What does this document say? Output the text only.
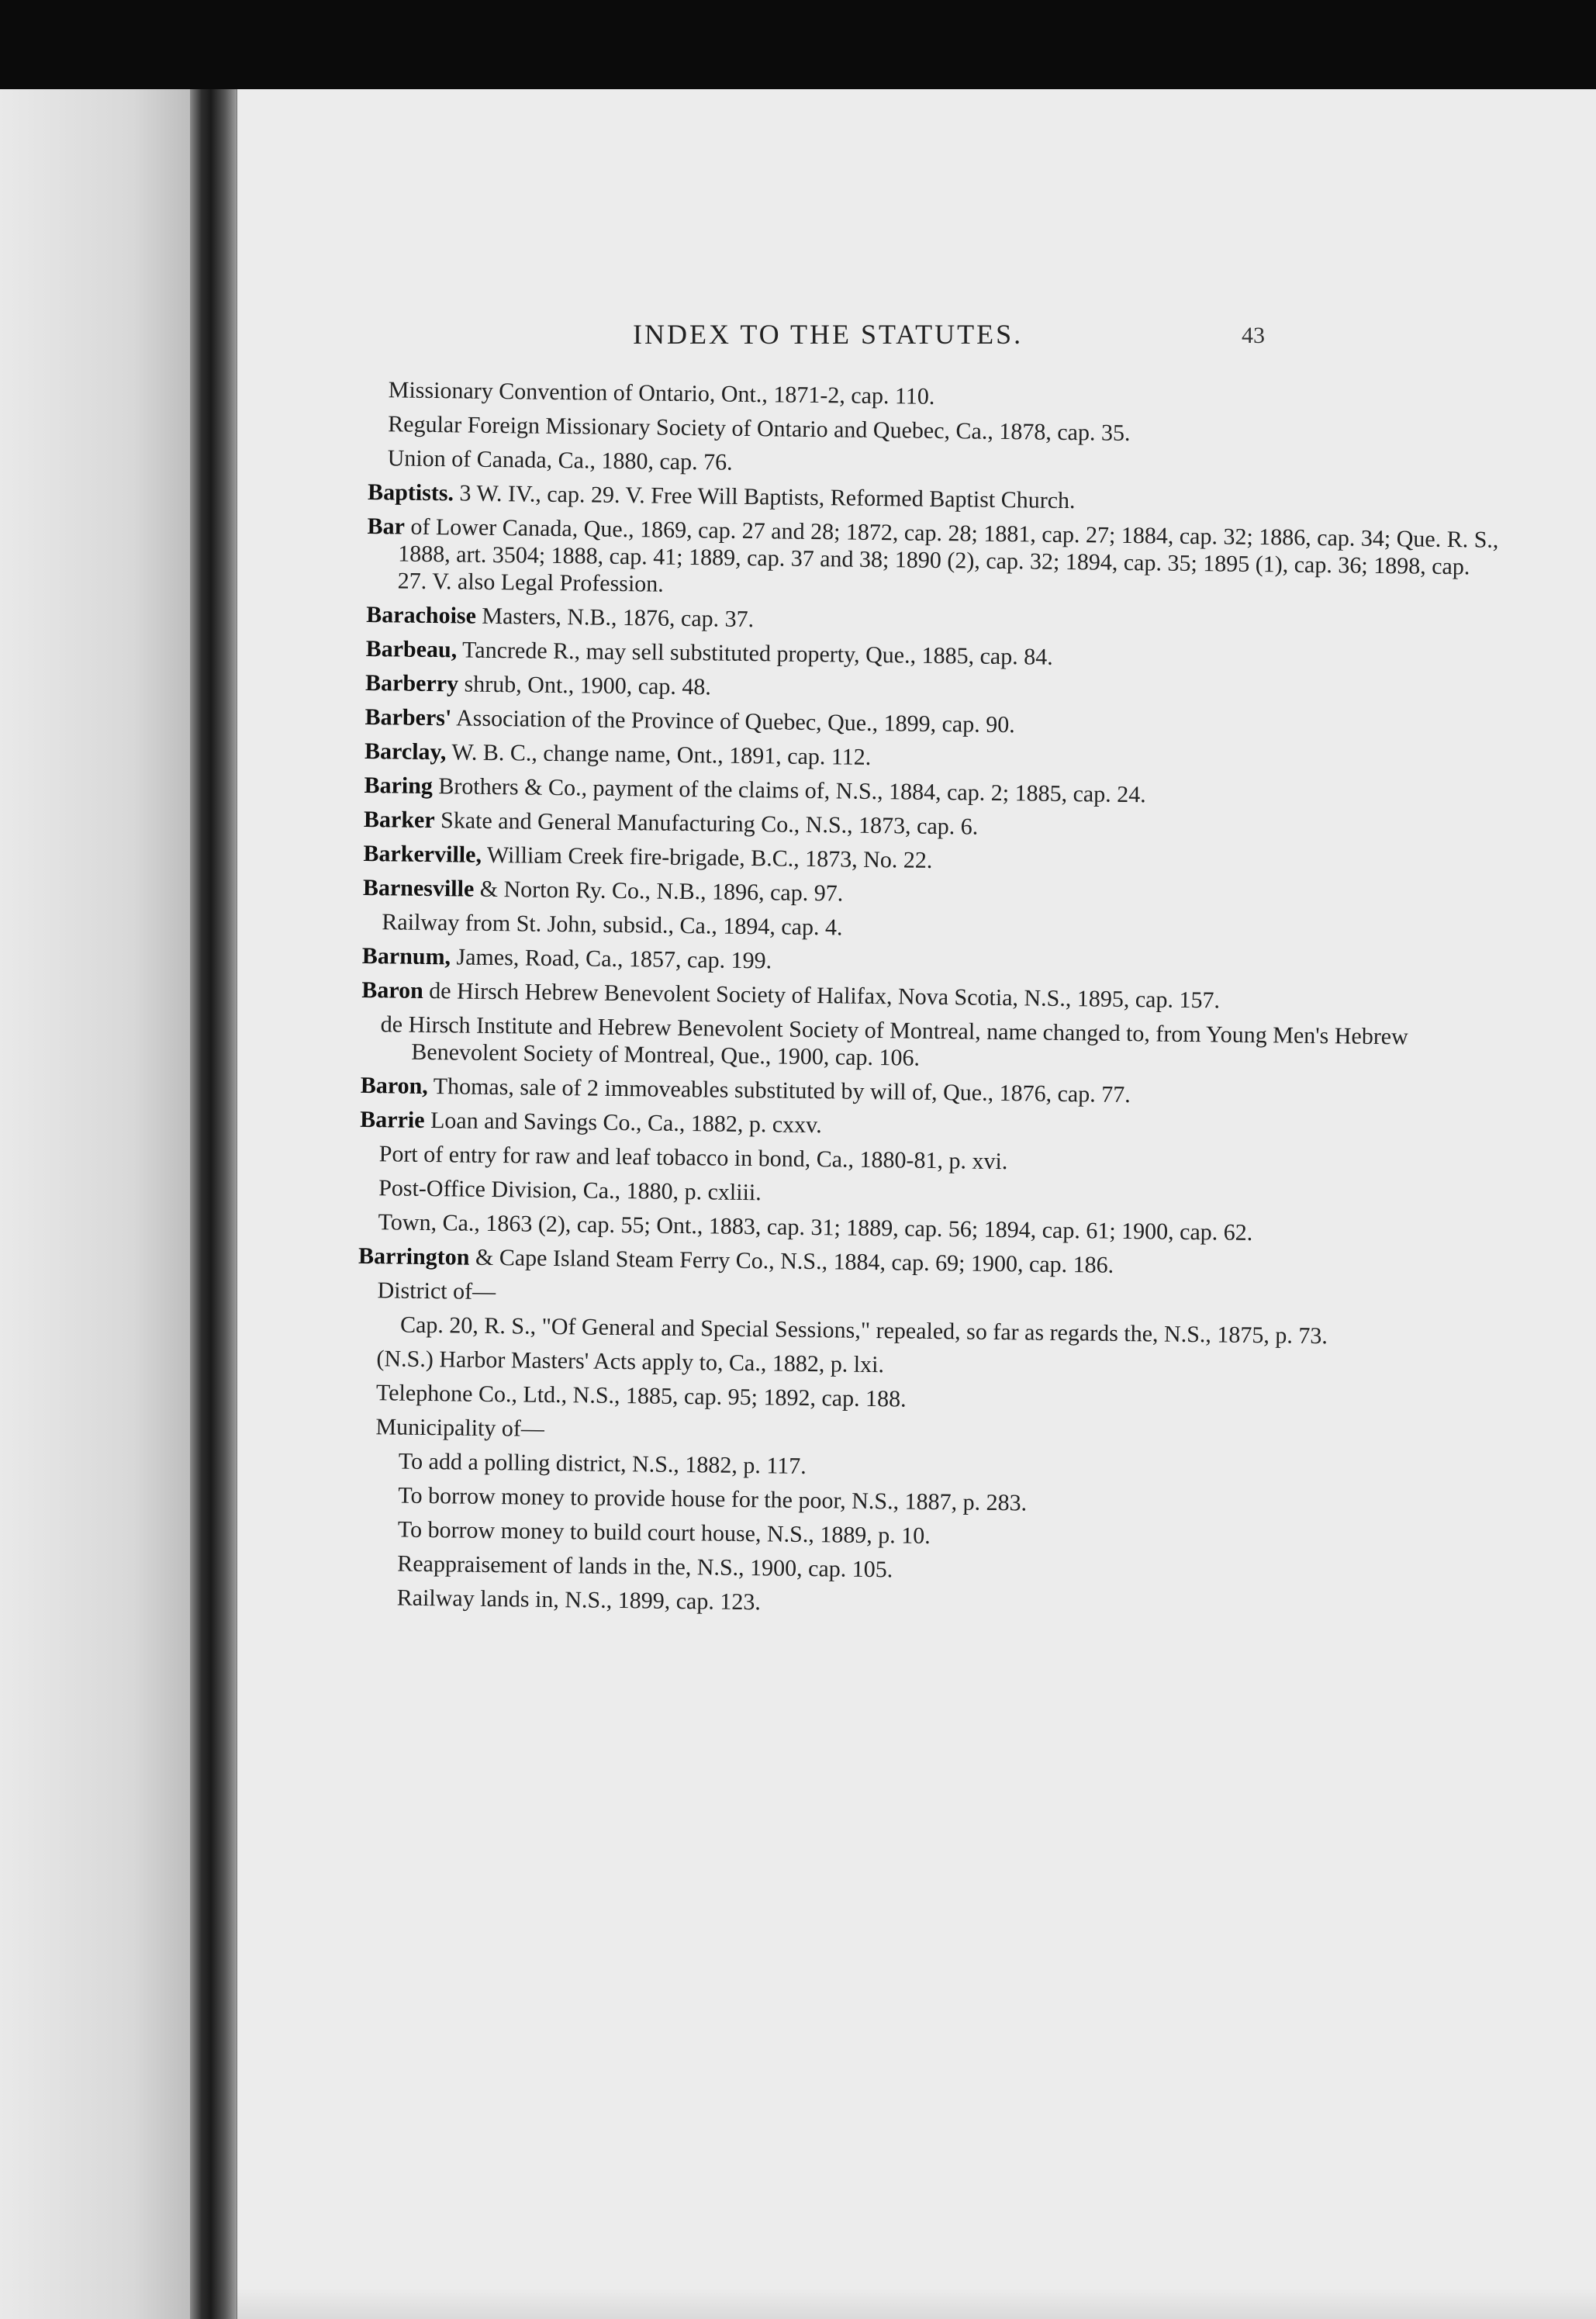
INDEX TO THE STATUTES.	43

Missionary Convention of Ontario, Ont., 1871-2, cap. 110.

Regular Foreign Missionary Society of Ontario and Quebec, Ca., 1878, cap. 35.

Union of Canada, Ca., 1880, cap. 76.

Baptists. 3 W. IV., cap. 29. V. Free Will Baptists, Reformed Baptist Church.

Bar of Lower Canada, Que., 1869, cap. 27 and 28; 1872, cap. 28; 1881, cap. 27; 1884, cap. 32; 1886, cap. 34; Que. R. S., 1888, art. 3504; 1888, cap. 41; 1889, cap. 37 and 38; 1890 (2), cap. 32; 1894, cap. 35; 1895 (1), cap. 36; 1898, cap. 27. V. also Legal Profession.

Barachoise Masters, N.B., 1876, cap. 37.

Barbeau, Tancrede R., may sell substituted property, Que., 1885, cap. 84.

Barberry shrub, Ont., 1900, cap. 48.

Barbers' Association of the Province of Quebec, Que., 1899, cap. 90.

Barclay, W. B. C., change name, Ont., 1891, cap. 112.

Baring Brothers & Co., payment of the claims of, N.S., 1884, cap. 2; 1885, cap. 24.

Barker Skate and General Manufacturing Co., N.S., 1873, cap. 6.

Barkerville, William Creek fire-brigade, B.C., 1873, No. 22.

Barnesville & Norton Ry. Co., N.B., 1896, cap. 97.

Railway from St. John, subsid., Ca., 1894, cap. 4.

Barnum, James, Road, Ca., 1857, cap. 199.

Baron de Hirsch Hebrew Benevolent Society of Halifax, Nova Scotia, N.S., 1895, cap. 157.

de Hirsch Institute and Hebrew Benevolent Society of Montreal, name changed to, from Young Men's Hebrew Benevolent Society of Montreal, Que., 1900, cap. 106.

Baron, Thomas, sale of 2 immoveables substituted by will of, Que., 1876, cap. 77.

Barrie Loan and Savings Co., Ca., 1882, p. cxxv.

Port of entry for raw and leaf tobacco in bond, Ca., 1880-81, p. xvi.

Post-Office Division, Ca., 1880, p. cxliii.

Town, Ca., 1863 (2), cap. 55; Ont., 1883, cap. 31; 1889, cap. 56; 1894, cap. 61; 1900, cap. 62.

Barrington & Cape Island Steam Ferry Co., N.S., 1884, cap. 69; 1900, cap. 186.

District of—

Cap. 20, R. S., "Of General and Special Sessions," repealed, so far as regards the, N.S., 1875, p. 73.

(N.S.) Harbor Masters' Acts apply to, Ca., 1882, p. lxi.

Telephone Co., Ltd., N.S., 1885, cap. 95; 1892, cap. 188.

Municipality of—

To add a polling district, N.S., 1882, p. 117.

To borrow money to provide house for the poor, N.S., 1887, p. 283.

To borrow money to build court house, N.S., 1889, p. 10.

Reappraisement of lands in the, N.S., 1900, cap. 105.

Railway lands in, N.S., 1899, cap. 123.
